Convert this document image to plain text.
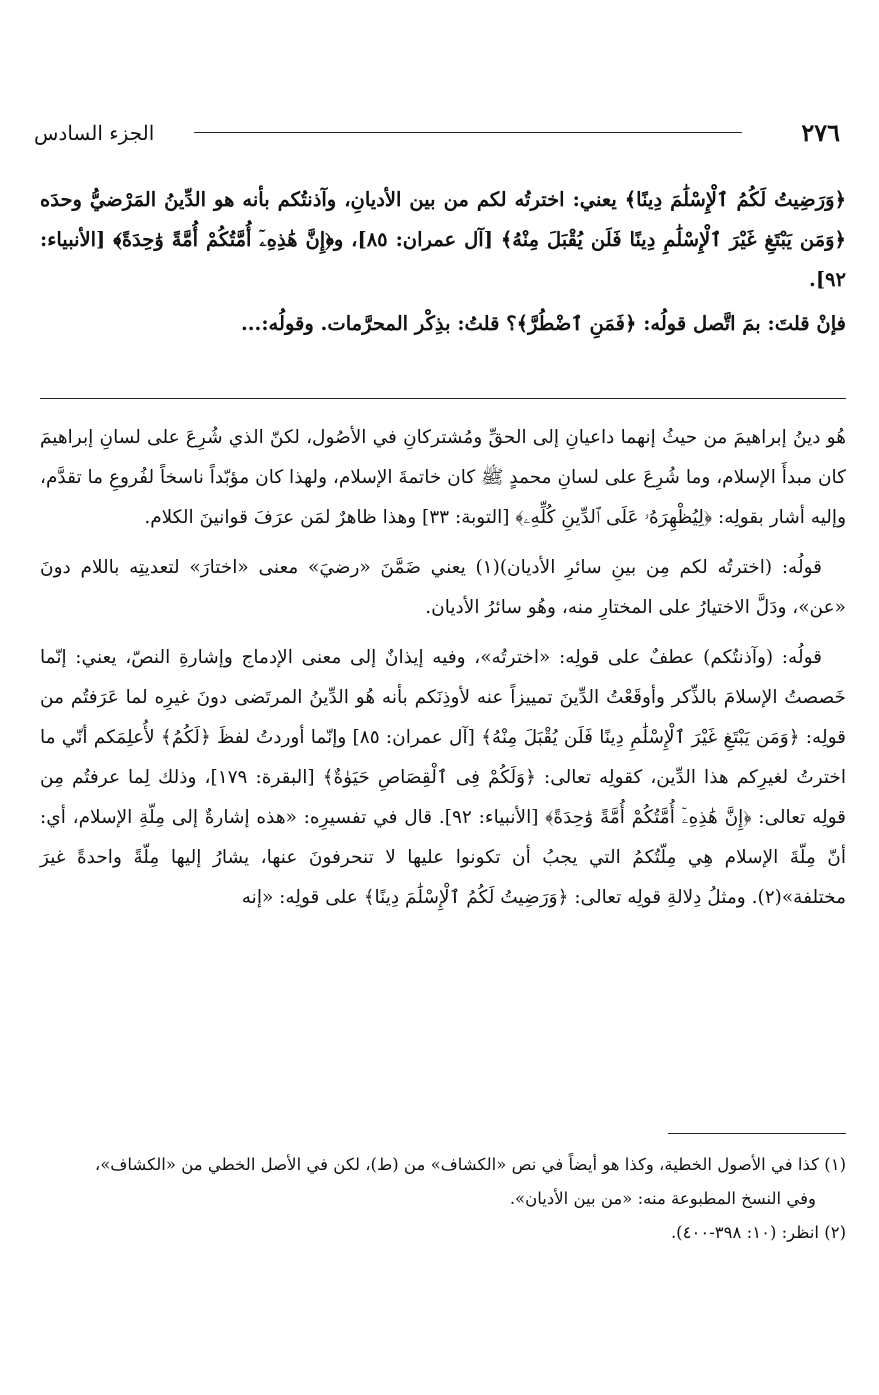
٢٧٦
الجزء السادس

﴿وَرَضِيتُ لَكُمُ ٱلْإِسْلَٰمَ دِينًا﴾ يعني: اخترتُه لكم من بين الأديانِ، وآذنتُكم بأنه هو الدِّينُ المَرْضيُّ وحدَه ﴿وَمَن يَبْتَغِ غَيْرَ ٱلْإِسْلَٰمِ دِينًا فَلَن يُقْبَلَ مِنْهُ﴾ [آل عمران: ٨٥]، و﴿إِنَّ هَٰذِهِۦٓ أُمَّتُكُمْ أُمَّةً وَٰحِدَةً﴾ [الأنبياء: ٩٢].

فإنْ قلتَ: بمَ اتَّصل قولُه: ﴿فَمَنِ ٱضْطُرَّ﴾؟ قلتُ: بذِكْر المحرَّمات. وقولُه:...

هُو دينُ إبراهيمَ من حيثُ إنهما داعيانِ إلى الحقِّ ومُشتركانِ في الأصُول، لكنّ الذي شُرِعَ على لسانِ إبراهيمَ كان مبدأَ الإسلام، وما شُرِعَ على لسانِ محمدٍ ﷺ كان خاتمةَ الإسلام، ولهذا كان مؤبّداً ناسخاً لفُروعِ ما تقدَّم، وإليه أشار بقولِه: ﴿لِيُظْهِرَهُۥ عَلَى ٱلدِّينِ كُلِّهِۦ﴾ [التوبة: ٣٣] وهذا ظاهرٌ لمَن عرَفَ قوانينَ الكلام.

قولُه: (اخترتُه لكم مِن بينِ سائرِ الأديان)(١) يعني ضَمَّنَ «رضيَ» معنى «اختارَ» لتعديتِه باللام دونَ «عن»، ودَلَّ الاختيارُ على المختارِ منه، وهُو سائرُ الأديان.

قولُه: (وآذنتُكم) عطفٌ على قولِه: «اخترتُه»، وفيه إيذانٌ إلى معنى الإدماج وإشارةِ النصّ، يعني: إنّما خَصصتُ الإسلامَ بالذِّكر وأوقَعْتُ الدِّينَ تمييزاً عنه لأوذِنَكم بأنه هُو الدِّينُ المرتَضى دونَ غيرِه لما عَرَفتُم من قولِه: ﴿وَمَن يَبْتَغِ غَيْرَ ٱلْإِسْلَٰمِ دِينًا فَلَن يُقْبَلَ مِنْهُ﴾ [آل عمران: ٨٥] وإنّما أوردتُ لفظَ ﴿لَكُمُ﴾ لأُعلِمَكم أنّي ما اخترتُ لغيرِكم هذا الدِّين، كقولِه تعالى: ﴿وَلَكُمْ فِى ٱلْقِصَاصِ حَيَوٰةٌ﴾ [البقرة: ١٧٩]، وذلك لِما عرفتُم مِن قولِه تعالى: ﴿إِنَّ هَٰذِهِۦٓ أُمَّتُكُمْ أُمَّةً وَٰحِدَةً﴾ [الأنبياء: ٩٢]. قال في تفسيرِه: «هذه إشارةٌ إلى مِلّةِ الإسلام، أي: أنّ مِلّةَ الإسلام هِي مِلّتُكمُ التي يجبُ أن تكونوا عليها لا تنحرفونَ عنها، يشارُ إليها مِلّةً واحدةً غيرَ مختلفة»(٢). ومثلُ دِلالةِ قولِه تعالى: ﴿وَرَضِيتُ لَكُمُ ٱلْإِسْلَٰمَ دِينًا﴾ على قولِه: «إنه

(١) كذا في الأصول الخطية، وكذا هو أيضاً في نص «الكشاف» من (ط)، لكن في الأصل الخطي من «الكشاف»،

وفي النسخ المطبوعة منه: «من بين الأديان».

(٢) انظر: (١٠: ٣٩٨-٤٠٠).
